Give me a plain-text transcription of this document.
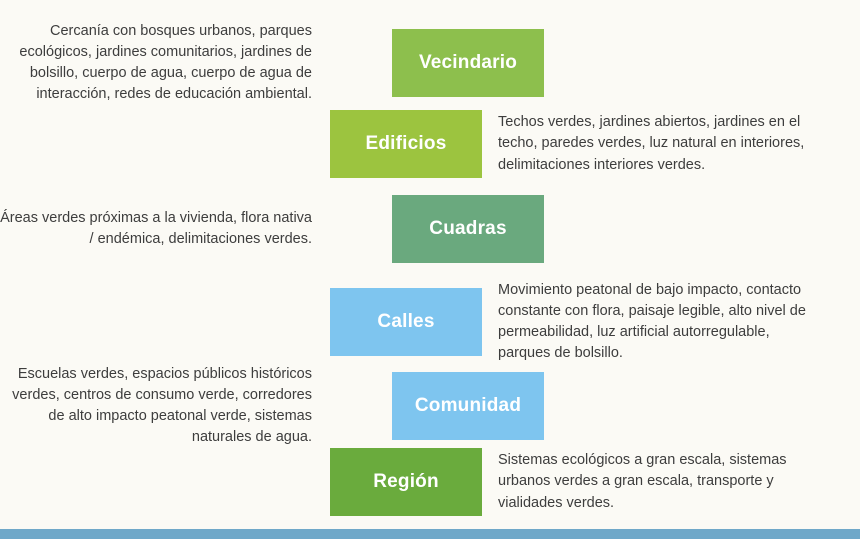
Cercanía con bosques urbanos, parques ecológicos, jardines comunitarios, jardines de bolsillo, cuerpo de agua, cuerpo de agua de interacción, redes de educación ambiental.
Vecindario
Edificios
Techos verdes, jardines abiertos, jardines en el techo, paredes verdes, luz natural en interiores, delimitaciones interiores verdes.
Áreas verdes próximas a la vivienda, flora nativa / endémica, delimitaciones verdes.	Cuadras
Calles
Movimiento peatonal de bajo impacto, contacto constante con flora, paisaje legible, alto nivel de permeabilidad, luz artificial autorregulable, parques de bolsillo.
Escuelas verdes, espacios públicos históricos verdes, centros de consumo verde, corredores de alto impacto peatonal verde, sistemas naturales de agua.
Comunidad
Región
Sistemas ecológicos a gran escala, sistemas urbanos verdes a gran escala, transporte y vialidades verdes.
